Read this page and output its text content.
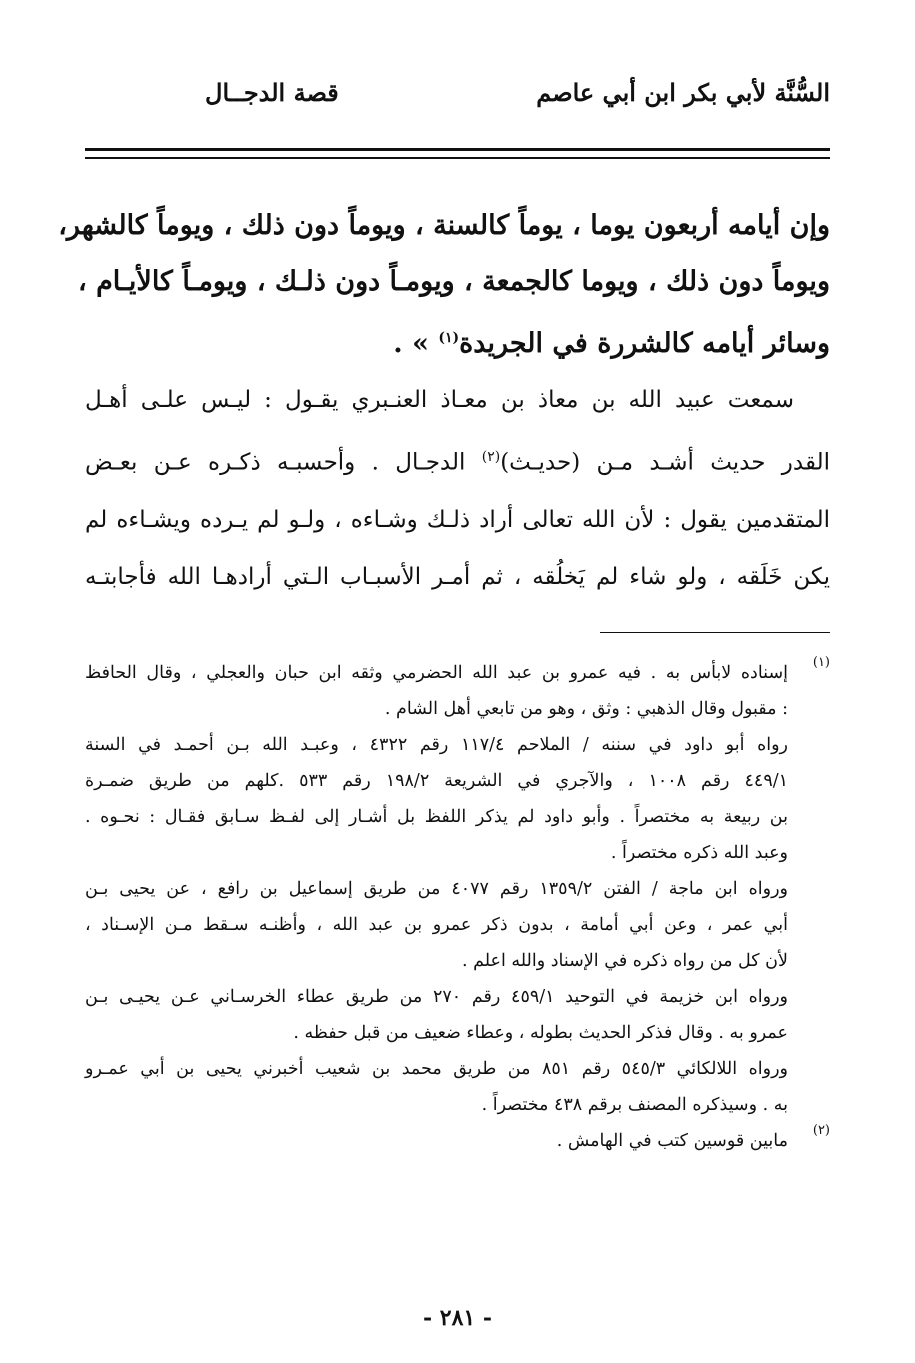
السُّنَّة لأبي بكر ابن أبي عاصم
قصة الدجــال

وإن أيامه أربعون يوما ، يوماً كالسنة ، ويوماً دون ذلك ، ويوماً كالشهر،

ويوماً دون ذلك ، ويوما كالجمعة ، ويومـاً دون ذلـك ، ويومـاً كالأيـام ،

وسائر أيامه كالشررة في الجريدة$^{(١)}$ » .

سمعت عبيد الله بن معاذ بن معـاذ العنـبري يقـول : ليـس علـى أهـل

القدر حديث أشـد مـن (حديـث)$^{(٢)}$ الدجـال . وأحسبـه ذكـره عـن بعـض

المتقدمين يقول : لأن الله تعالى أراد ذلـك وشـاءه ، ولـو لم يـرده ويشـاءه لم

يكن خَلَقه ، ولو شاء لم يَخلُقه ، ثم أمـر الأسبـاب الـتي أرادهـا الله فأجابتـه

(١)

إسناده لابأس به . فيه عمرو بن عبد الله الحضرمي وثقه ابن حبان والعجلي ، وقال الحافظ

: مقبول وقال الذهبي : وثق ، وهو من تابعي أهل الشام .

رواه أبو داود في سننه / الملاحم ١١٧/٤ رقم ٤٣٢٢ ، وعبـد الله بـن أحمـد في السنة

٤٤٩/١ رقم ١٠٠٨ ، والآجري في الشريعة ١٩٨/٢ رقم ٥٣٣ .كلهم من طريق ضمـرة

بن ربيعة به مختصراً . وأبو داود لم يذكر اللفظ بل أشـار إلى لفـظ سـابق فقـال : نحـوه .

وعبد الله ذكره مختصراً .

ورواه ابن ماجة / الفتن ١٣٥٩/٢ رقم ٤٠٧٧ من طريق إسماعيل بن رافع ، عن يحيى بـن

أبي عمر ، وعن أبي أمامة ، بدون ذكر عمرو بن عبد الله ، وأظنـه سـقط مـن الإسـناد ،

لأن كل من رواه ذكره في الإسناد والله اعلم .

ورواه ابن خزيمة في التوحيد ٤٥٩/١ رقم ٢٧٠ من طريق عطاء الخرسـاني عـن يحيـى بـن

عمرو به . وقال فذكر الحديث بطوله ، وعطاء ضعيف من قبل حفظه .

ورواه اللالكائي ٥٤٥/٣ رقم ٨٥١ من طريق محمد بن شعيب أخبرني يحيى بن أبي عمـرو

به . وسيذكره المصنف برقم ٤٣٨ مختصراً .

(٢)

مابين قوسين كتب في الهامش .

- ٢٨١ -
